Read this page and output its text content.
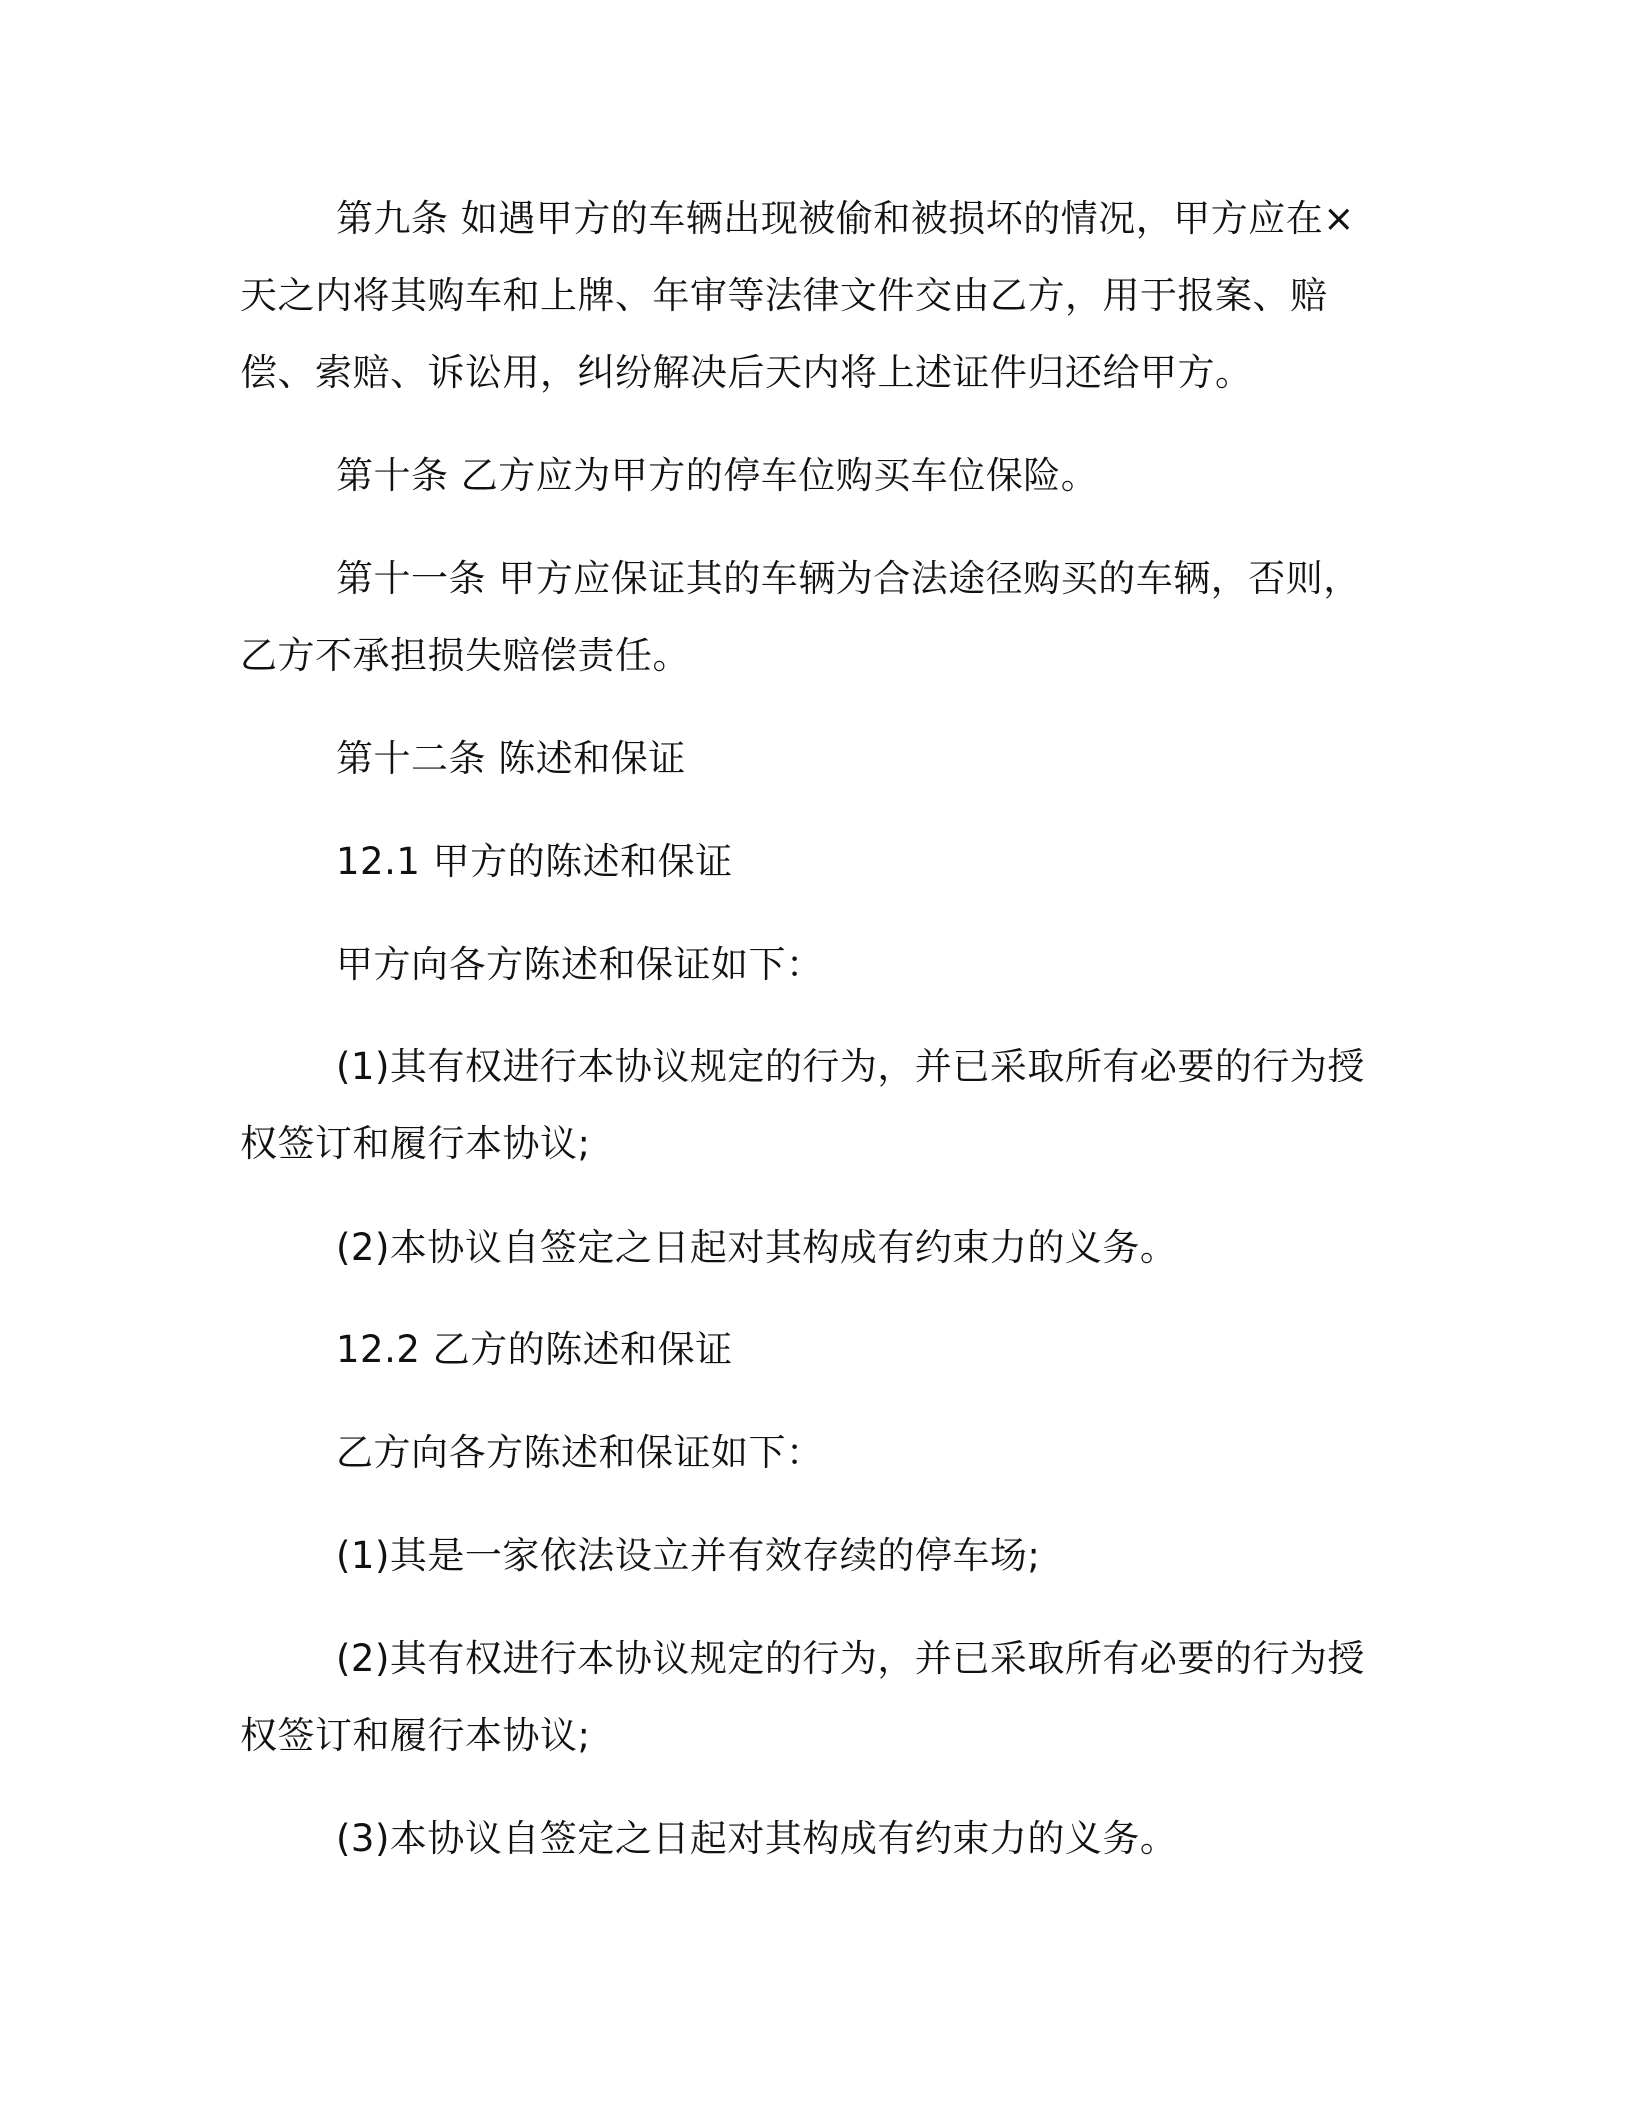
第九条 如遇甲方的车辆出现被偷和被损坏的情况，甲方应在×天之内将其购车和上牌、年审等法律文件交由乙方，用于报案、赔偿、索赔、诉讼用，纠纷解决后天内将上述证件归还给甲方。

第十条 乙方应为甲方的停车位购买车位保险。

第十一条 甲方应保证其的车辆为合法途径购买的车辆，否则，乙方不承担损失赔偿责任。

第十二条 陈述和保证

12.1 甲方的陈述和保证

甲方向各方陈述和保证如下：

(1)其有权进行本协议规定的行为，并已采取所有必要的行为授权签订和履行本协议;

(2)本协议自签定之日起对其构成有约束力的义务。

12.2 乙方的陈述和保证

乙方向各方陈述和保证如下：

(1)其是一家依法设立并有效存续的停车场;

(2)其有权进行本协议规定的行为，并已采取所有必要的行为授权签订和履行本协议;

(3)本协议自签定之日起对其构成有约束力的义务。
